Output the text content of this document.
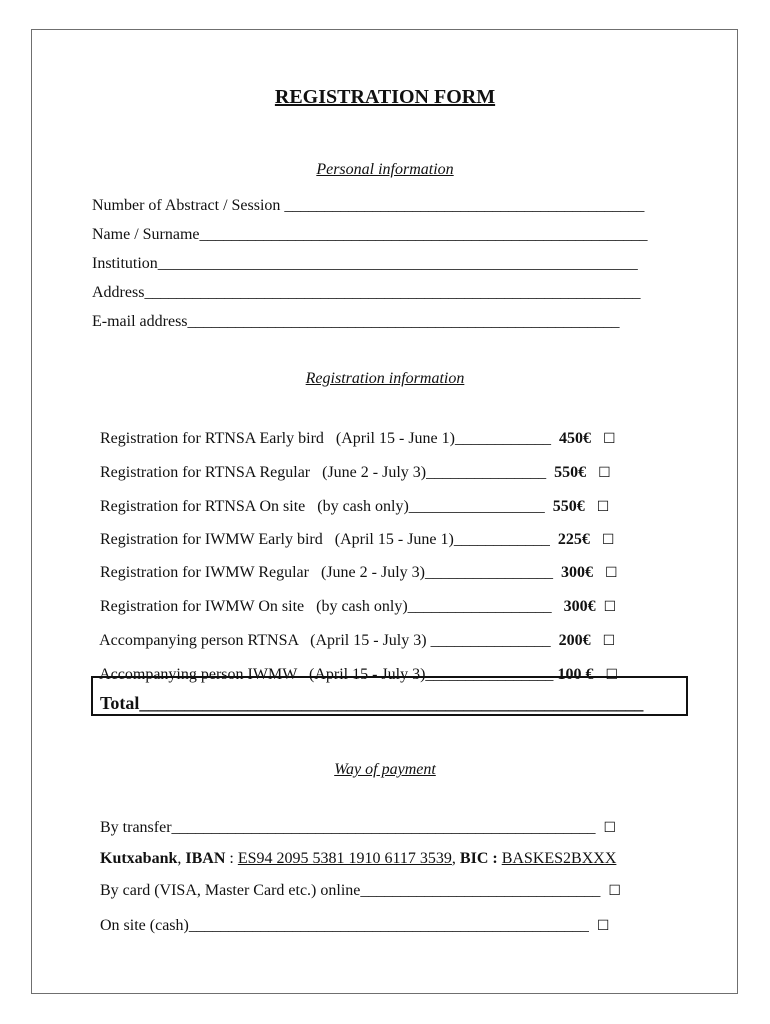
REGISTRATION FORM
Personal information
Number of Abstract / Session _____________________________________________
Name / Surname________________________________________________________
Institution____________________________________________________________
Address______________________________________________________________
E-mail address______________________________________________________
Registration information

Registration for RTNSA Early bird   (April 15 - June 1)____________  450€ ☐

Registration for RTNSA Regular   (June 2 - July 3)_______________  550€ ☐

Registration for RTNSA On site   (by cash only)_________________  550€ ☐

Registration for IWMW Early bird   (April 15 - June 1)____________  225€ ☐

Registration for IWMW Regular   (June 2 - July 3)________________  300€ ☐

Registration for IWMW On site   (by cash only)__________________   300€ ☐

Accompanying person RTNSA   (April 15 - July 3) _______________  200€ ☐

Accompanying person IWMW   (April 15 - July 3)________________ 100 € ☐

Total________________________________________________________
Way of payment

By transfer_____________________________________________________ ☐

Kutxabank, IBAN : ES94 2095 5381 1910 6117 3539, BIC : BASKES2BXXX

By card (VISA, Master Card etc.) online______________________________ ☐

On site (cash)__________________________________________________ ☐
